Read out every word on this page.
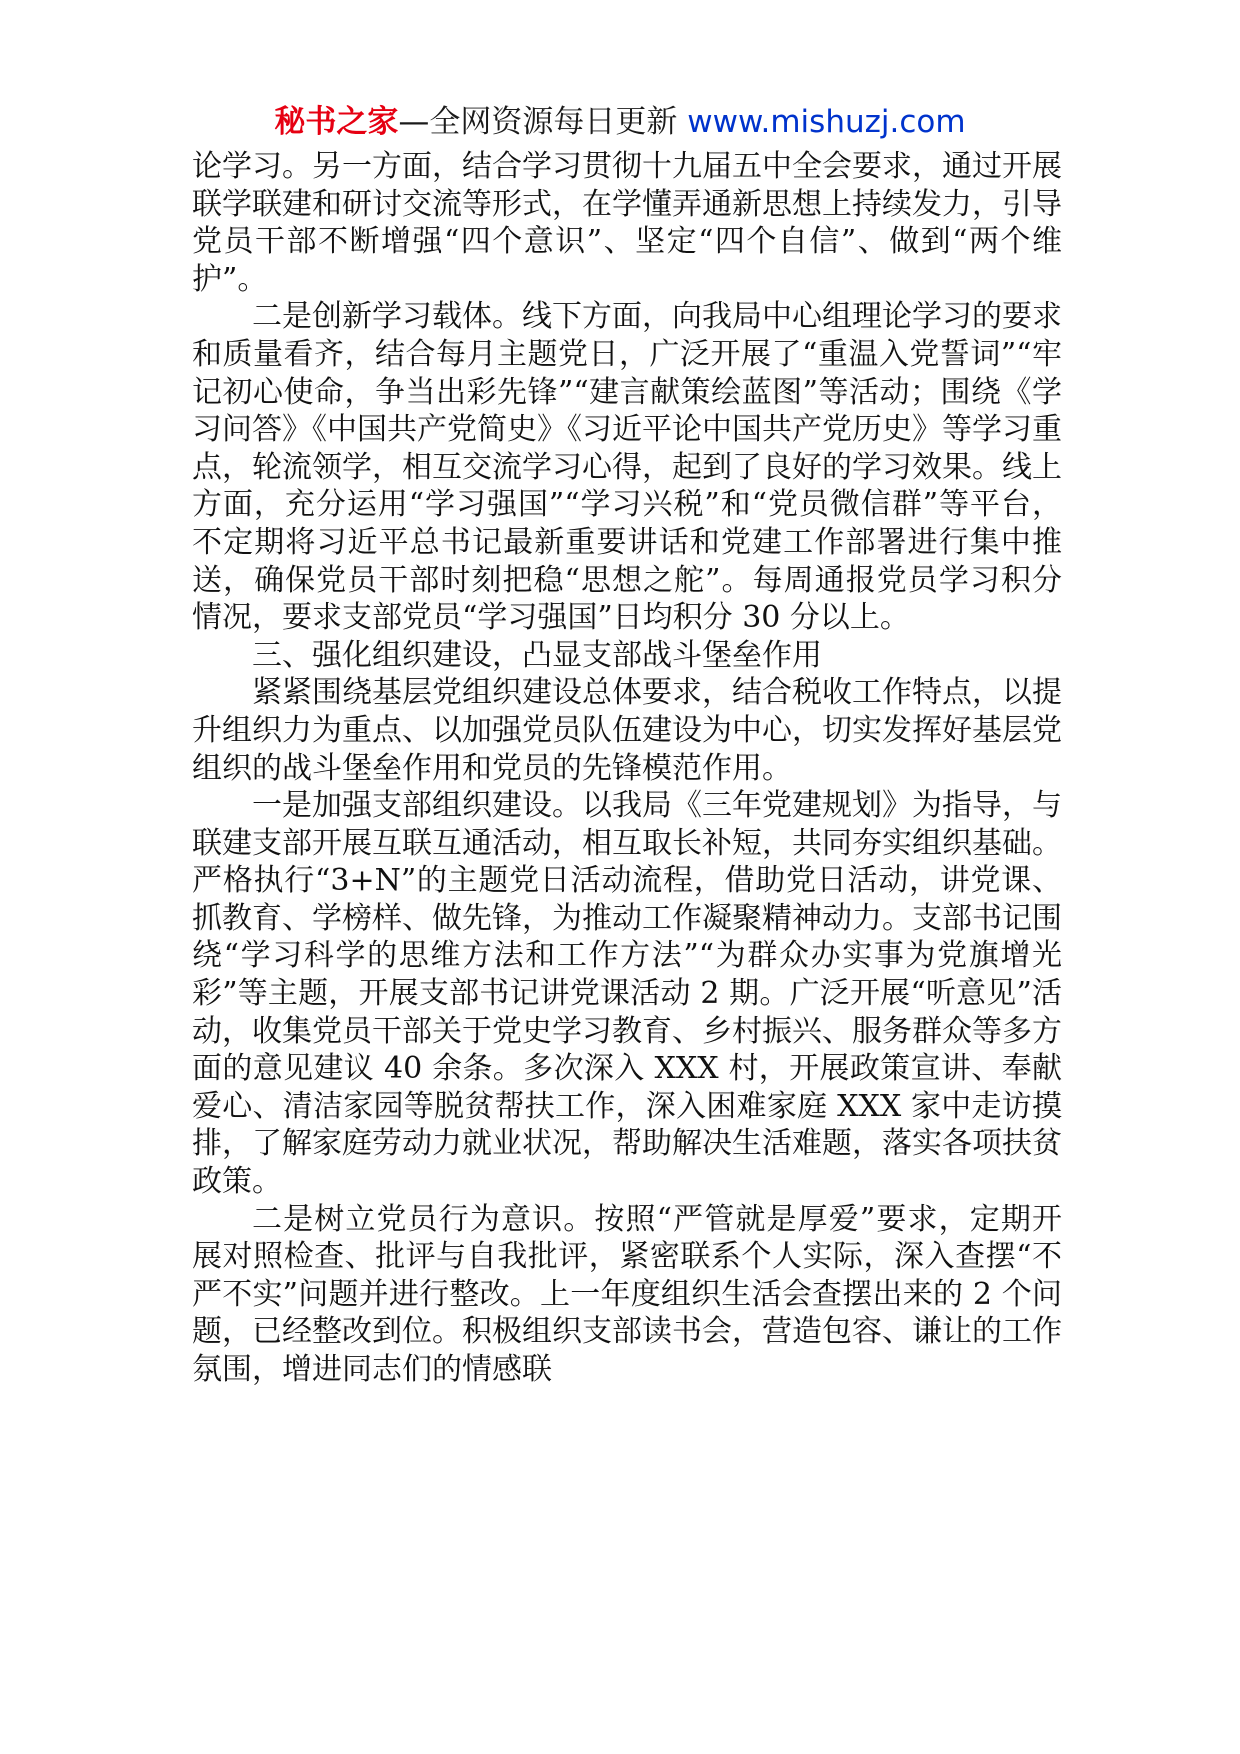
秘书之家—全网资源每日更新 www.mishuzj.com

论学习。另一方面，结合学习贯彻十九届五中全会要求，通过开展联学联建和研讨交流等形式，在学懂弄通新思想上持续发力，引导党员干部不断增强“四个意识”、坚定“四个自信”、做到“两个维护”。

二是创新学习载体。线下方面，向我局中心组理论学习的要求和质量看齐，结合每月主题党日，广泛开展了“重温入党誓词”“牢记初心使命，争当出彩先锋”“建言献策绘蓝图”等活动；围绕《学习问答》《中国共产党简史》《习近平论中国共产党历史》等学习重点，轮流领学，相互交流学习心得，起到了良好的学习效果。线上方面，充分运用“学习强国”“学习兴税”和“党员微信群”等平台，不定期将习近平总书记最新重要讲话和党建工作部署进行集中推送，确保党员干部时刻把稳“思想之舵”。每周通报党员学习积分情况，要求支部党员“学习强国”日均积分 30 分以上。

三、强化组织建设，凸显支部战斗堡垒作用

紧紧围绕基层党组织建设总体要求，结合税收工作特点，以提升组织力为重点、以加强党员队伍建设为中心，切实发挥好基层党组织的战斗堡垒作用和党员的先锋模范作用。

一是加强支部组织建设。以我局《三年党建规划》为指导，与联建支部开展互联互通活动，相互取长补短，共同夯实组织基础。严格执行“3+N”的主题党日活动流程，借助党日活动，讲党课、抓教育、学榜样、做先锋，为推动工作凝聚精神动力。支部书记围绕“学习科学的思维方法和工作方法”“为群众办实事为党旗增光彩”等主题，开展支部书记讲党课活动 2 期。广泛开展“听意见”活动，收集党员干部关于党史学习教育、乡村振兴、服务群众等多方面的意见建议 40 余条。多次深入 XXX 村，开展政策宣讲、奉献爱心、清洁家园等脱贫帮扶工作，深入困难家庭 XXX 家中走访摸排，了解家庭劳动力就业状况，帮助解决生活难题，落实各项扶贫政策。

二是树立党员行为意识。按照“严管就是厚爱”要求，定期开展对照检查、批评与自我批评，紧密联系个人实际，深入查摆“不严不实”问题并进行整改。上一年度组织生活会查摆出来的 2 个问题，已经整改到位。积极组织支部读书会，营造包容、谦让的工作氛围，增进同志们的情感联
